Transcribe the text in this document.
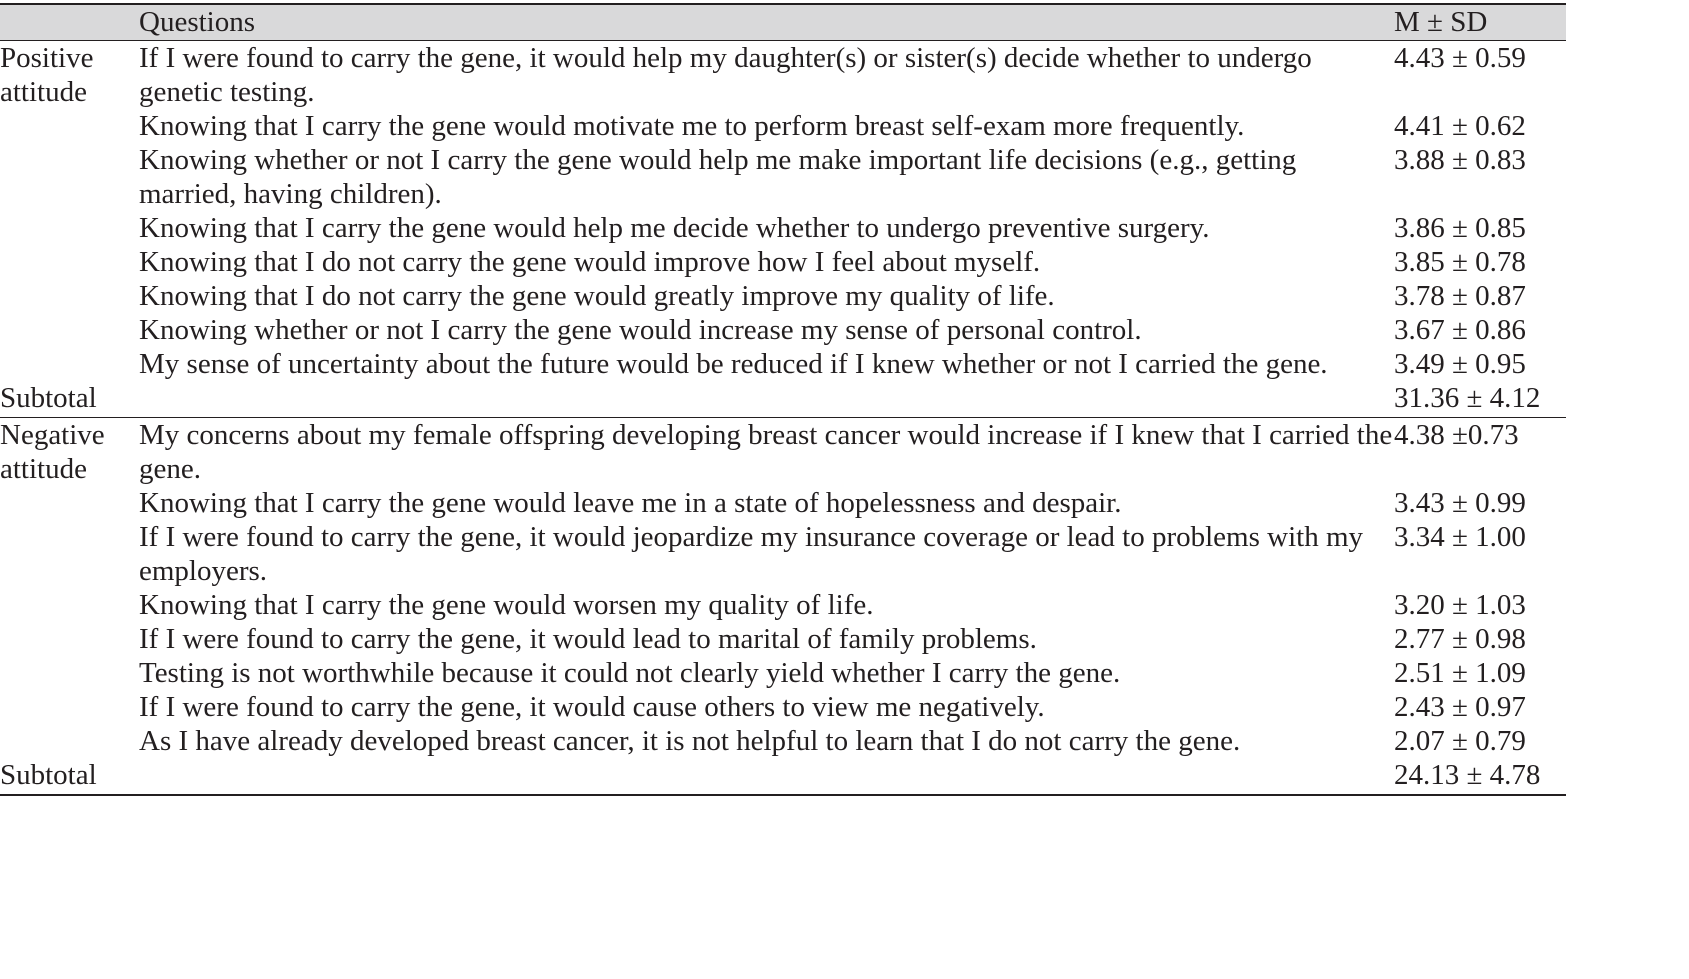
	Questions	M ± SD
Positive attitude	If I were found to carry the gene, it would help my daughter(s) or sister(s) decide whether to undergo genetic testing.	4.43 ± 0.59
	Knowing that I carry the gene would motivate me to perform breast self-exam more frequently.	4.41 ± 0.62
	Knowing whether or not I carry the gene would help me make important life decisions (e.g., getting married, having children).	3.88 ± 0.83
	Knowing that I carry the gene would help me decide whether to undergo preventive surgery.	3.86 ± 0.85
	Knowing that I do not carry the gene would improve how I feel about myself.	3.85 ± 0.78
	Knowing that I do not carry the gene would greatly improve my quality of life.	3.78 ± 0.87
	Knowing whether or not I carry the gene would increase my sense of personal control.	3.67 ± 0.86
	My sense of uncertainty about the future would be reduced if I knew whether or not I carried the gene.	3.49 ± 0.95
Subtotal		31.36 ± 4.12
Negative attitude	My concerns about my female offspring developing breast cancer would increase if I knew that I carried the gene.	4.38 ±0.73
	Knowing that I carry the gene would leave me in a state of hopelessness and despair.	3.43 ± 0.99
	If I were found to carry the gene, it would jeopardize my insurance coverage or lead to problems with my employers.	3.34 ± 1.00
	Knowing that I carry the gene would worsen my quality of life.	3.20 ± 1.03
	If I were found to carry the gene, it would lead to marital of family problems.	2.77 ± 0.98
	Testing is not worthwhile because it could not clearly yield whether I carry the gene.	2.51 ± 1.09
	If I were found to carry the gene, it would cause others to view me negatively.	2.43 ± 0.97
	As I have already developed breast cancer, it is not helpful to learn that I do not carry the gene.	2.07 ± 0.79
Subtotal		24.13 ± 4.78
